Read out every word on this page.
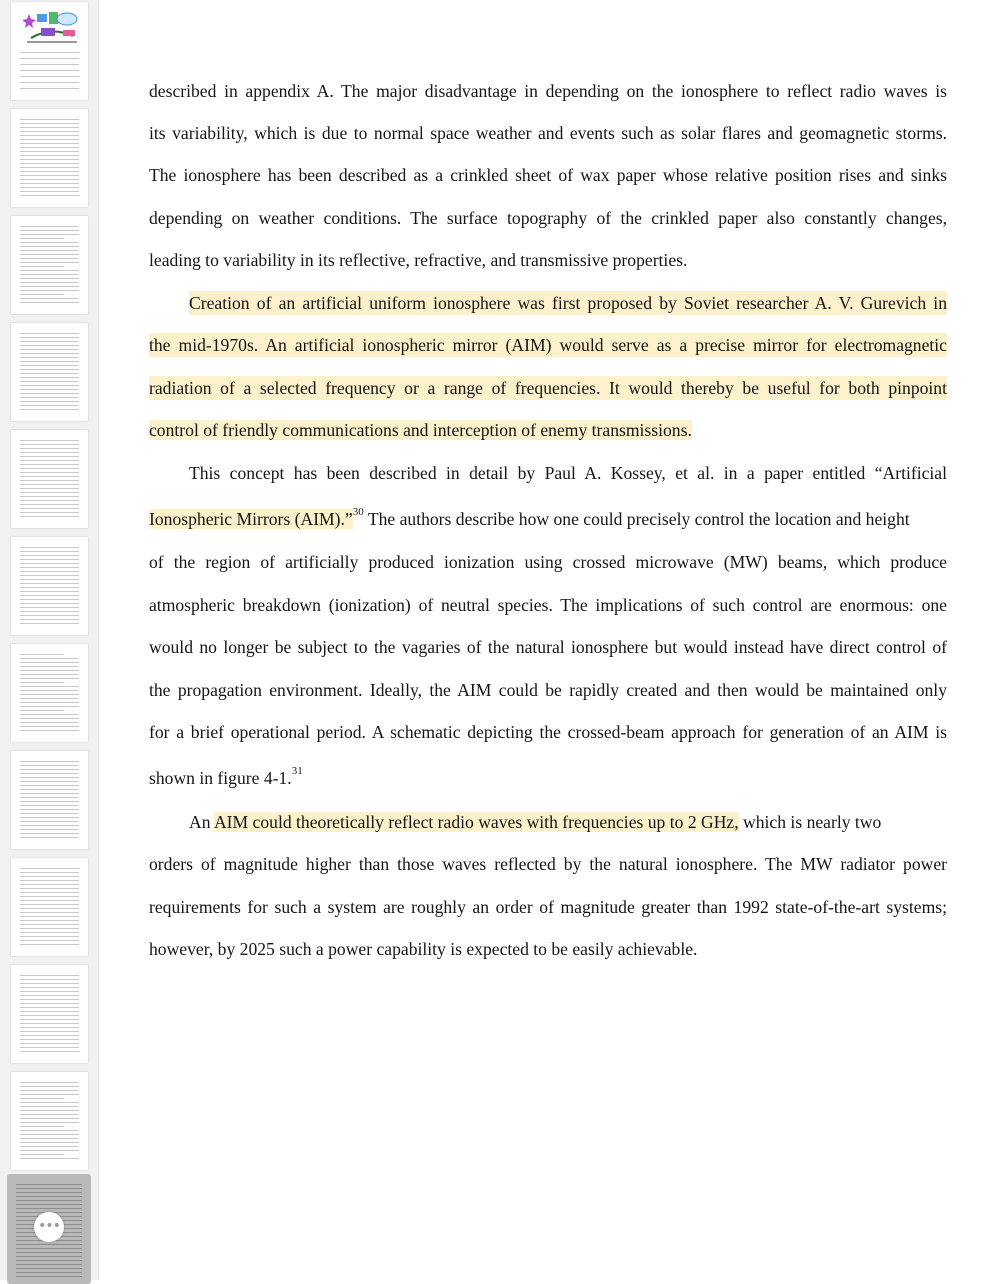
•••
described in appendix A. The major disadvantage in depending on the ionosphere to reflect radio waves is
its variability, which is due to normal space weather and events such as solar flares and geomagnetic storms.
The ionosphere has been described as a crinkled sheet of wax paper whose relative position rises and sinks
depending on weather conditions. The surface topography of the crinkled paper also constantly changes,
leading to variability in its reflective, refractive, and transmissive properties.
Creation of an artificial uniform ionosphere was first proposed by Soviet researcher A. V. Gurevich in
the mid-1970s. An artificial ionospheric mirror (AIM) would serve as a precise mirror for electromagnetic
radiation of a selected frequency or a range of frequencies. It would thereby be useful for both pinpoint
control of friendly communications and interception of enemy transmissions.
This concept has been described in detail by Paul A. Kossey, et al. in a paper entitled “Artificial
Ionospheric Mirrors (AIM).”$^{30}$ The authors describe how one could precisely control the location and height
of the region of artificially produced ionization using crossed microwave (MW) beams, which produce
atmospheric breakdown (ionization) of neutral species. The implications of such control are enormous: one
would no longer be subject to the vagaries of the natural ionosphere but would instead have direct control of
the propagation environment. Ideally, the AIM could be rapidly created and then would be maintained only
for a brief operational period. A schematic depicting the crossed-beam approach for generation of an AIM is
shown in figure 4-1.31
An AIM could theoretically reflect radio waves with frequencies up to 2 GHz, which is nearly two
orders of magnitude higher than those waves reflected by the natural ionosphere. The MW radiator power
requirements for such a system are roughly an order of magnitude greater than 1992 state-of-the-art systems;
however, by 2025 such a power capability is expected to be easily achievable.
